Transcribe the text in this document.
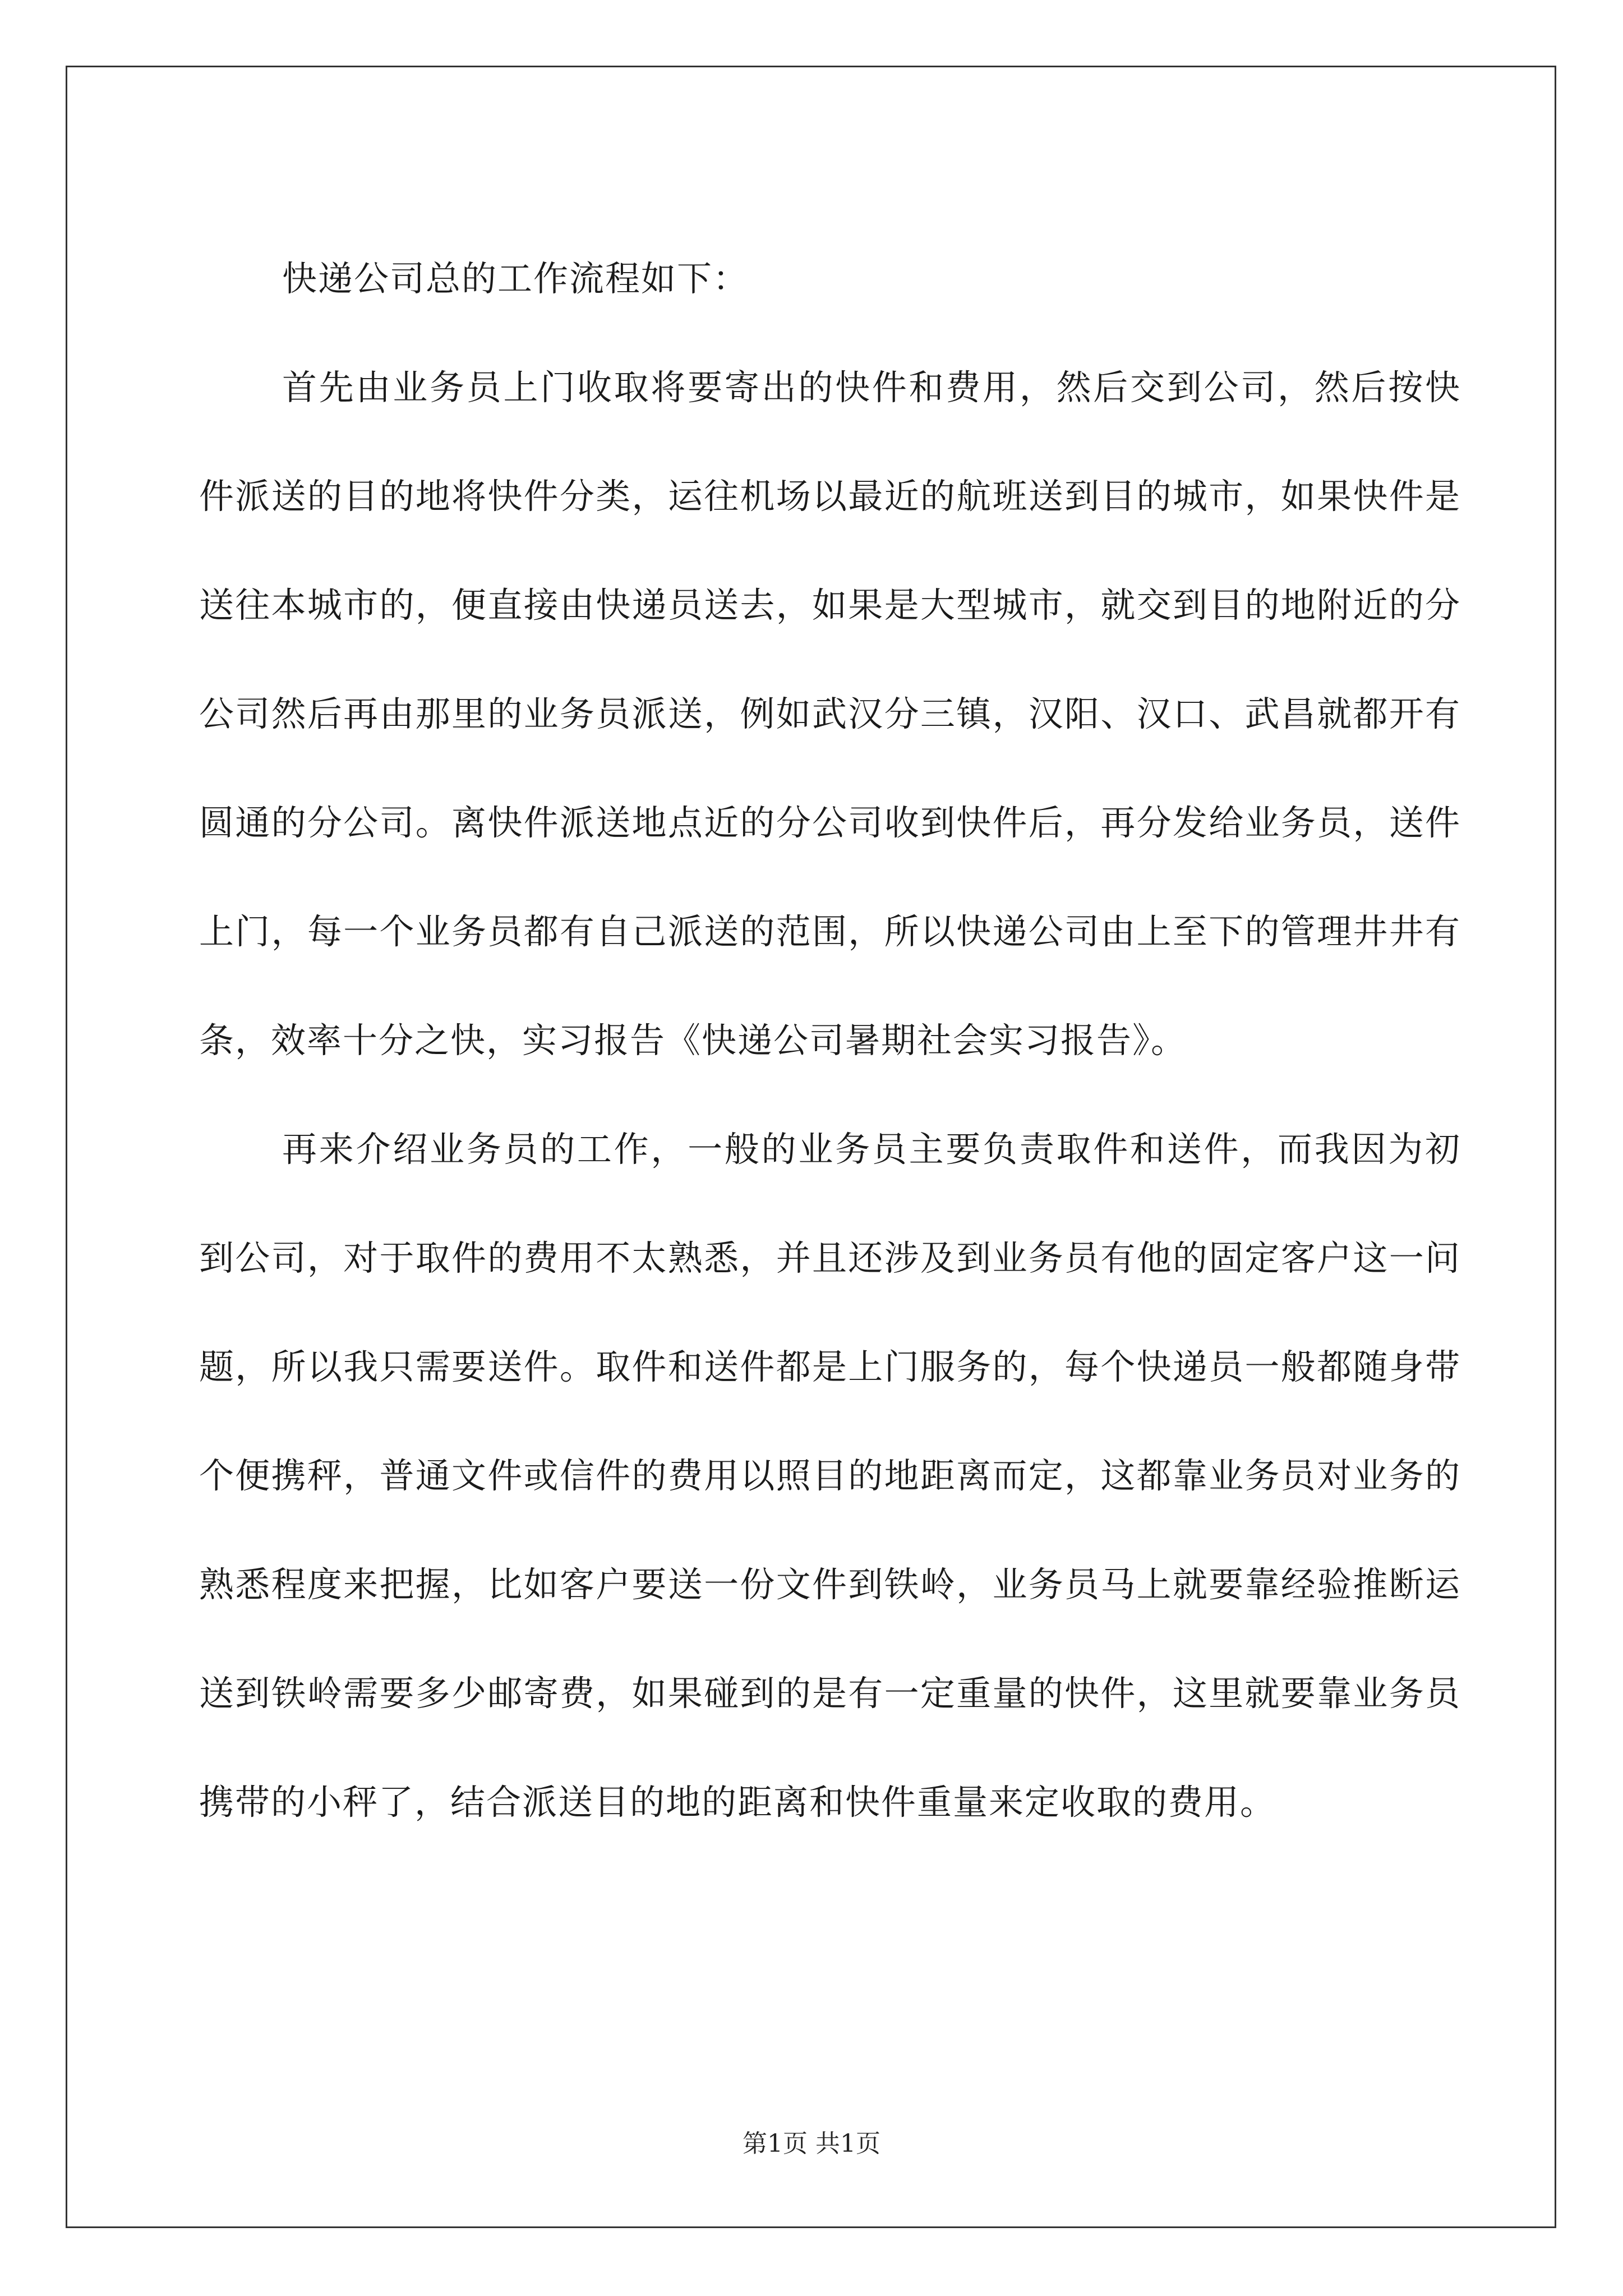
快递公司总的工作流程如下：

首先由业务员上门收取将要寄出的快件和费用，然后交到公司，然后按快件派送的目的地将快件分类，运往机场以最近的航班送到目的城市，如果快件是送往本城市的，便直接由快递员送去，如果是大型城市，就交到目的地附近的分公司然后再由那里的业务员派送，例如武汉分三镇，汉阳、汉口、武昌就都开有圆通的分公司。离快件派送地点近的分公司收到快件后，再分发给业务员，送件上门，每一个业务员都有自己派送的范围，所以快递公司由上至下的管理井井有条，效率十分之快，实习报告《快递公司暑期社会实习报告》。

再来介绍业务员的工作，一般的业务员主要负责取件和送件，而我因为初到公司，对于取件的费用不太熟悉，并且还涉及到业务员有他的固定客户这一问题，所以我只需要送件。取件和送件都是上门服务的，每个快递员一般都随身带个便携秤，普通文件或信件的费用以照目的地距离而定，这都靠业务员对业务的熟悉程度来把握，比如客户要送一份文件到铁岭，业务员马上就要靠经验推断运送到铁岭需要多少邮寄费，如果碰到的是有一定重量的快件，这里就要靠业务员携带的小秤了，结合派送目的地的距离和快件重量来定收取的费用。

第1页 共1页
